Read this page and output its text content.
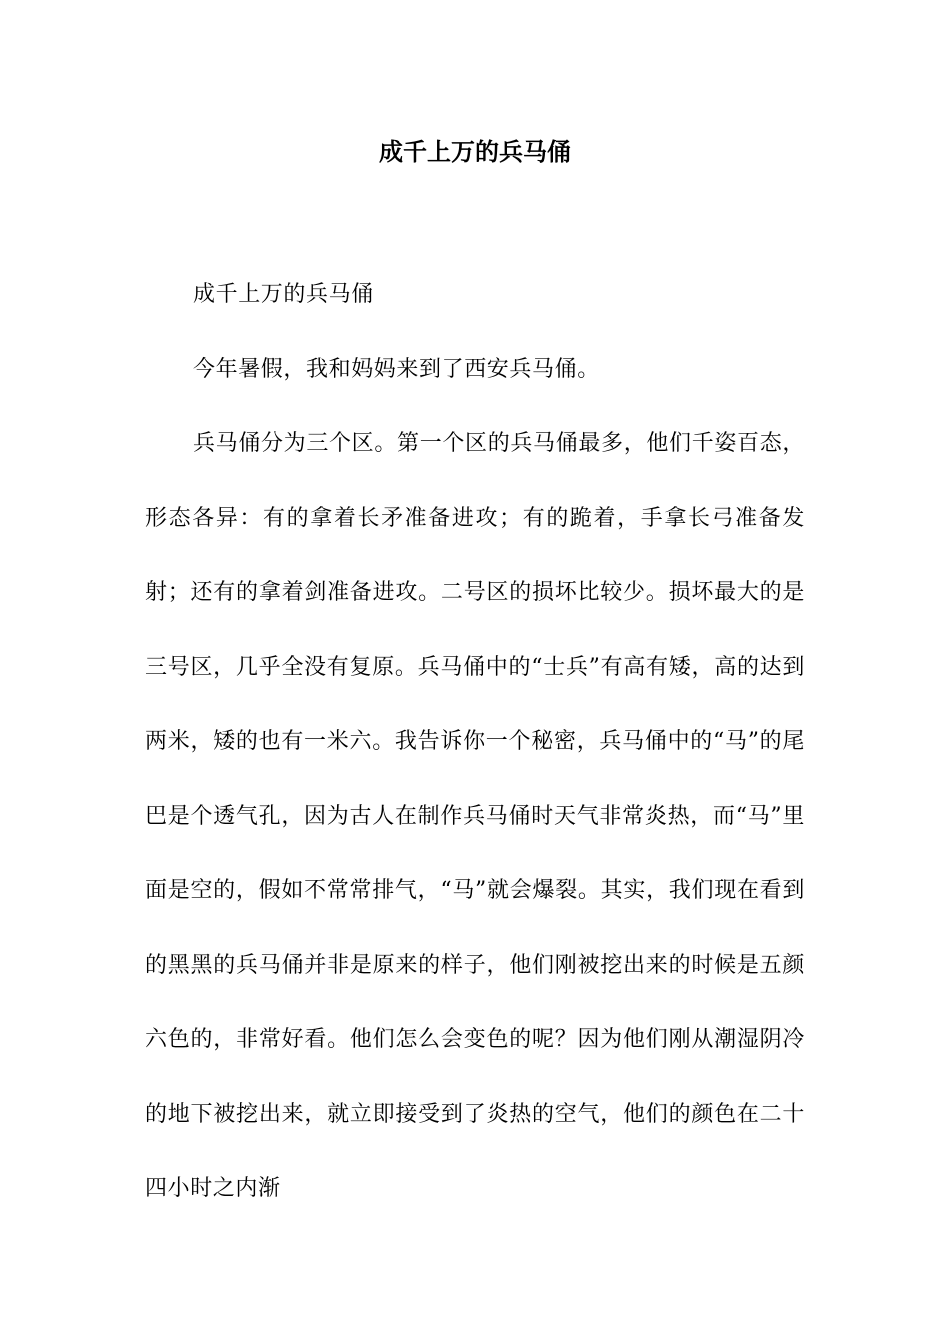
成千上万的兵马俑

成千上万的兵马俑

今年暑假，我和妈妈来到了西安兵马俑。

兵马俑分为三个区。第一个区的兵马俑最多，他们千姿百态，形态各异：有的拿着长矛准备进攻；有的跪着，手拿长弓准备发射；还有的拿着剑准备进攻。二号区的损坏比较少。损坏最大的是三号区，几乎全没有复原。兵马俑中的“士兵”有高有矮，高的达到两米，矮的也有一米六。我告诉你一个秘密，兵马俑中的“马”的尾巴是个透气孔，因为古人在制作兵马俑时天气非常炎热，而“马”里面是空的，假如不常常排气，“马”就会爆裂。其实，我们现在看到的黑黑的兵马俑并非是原来的样子，他们刚被挖出来的时候是五颜六色的，非常好看。他们怎么会变色的呢？因为他们刚从潮湿阴冷的地下被挖出来，就立即接受到了炎热的空气，他们的颜色在二十四小时之内渐
